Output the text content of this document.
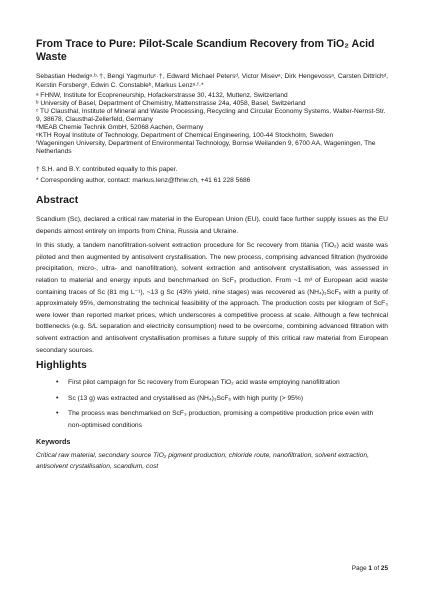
From Trace to Pure: Pilot-Scale Scandium Recovery from TiO₂ Acid Waste
Sebastian Hedwigᵃ·ᵇ·†, Bengi Yagmurluᶜ·†, Edward Michael Petersᵈ, Victor Misevᵃ, Dirk Hengevossᵃ, Carsten Dittrichᵈ, Kerstin Forsbergᵉ, Edwin C. Constableᵇ, Markus Lenzᵃ·ᶠ·*
ᵃ FHNW, Institute for Ecopreneurship, Hofackerstrasse 30, 4132, Muttenz, Switzerland
ᵇ University of Basel, Department of Chemistry, Mattenstrasse 24a, 4058, Basel, Switzerland
ᶜ TU Clausthal, Institute of Mineral and Waste Processing, Recycling and Circular Economy Systems, Walter-Nernst-Str. 9, 38678, Clausthal-Zellerfeld, Germany
ᵈMEAB Chemie Technik GmbH, 52068 Aachen, Germany
ᵉKTH Royal Institute of Technology, Department of Chemical Engineering, 100-44 Stockholm, Sweden
ᶠWageningen University, Department of Environmental Technology, Bornse Weilanden 9, 6700 AA, Wageningen, The Netherlands
† S.H. and B.Y. contributed equally to this paper.
* Corresponding author, contact: markus.lenz@fhnw.ch, +41 61 228 5686
Abstract

Scandium (Sc), declared a critical raw material in the European Union (EU), could face further supply issues as the EU depends almost entirely on imports from China, Russia and Ukraine.

In this study, a tandem nanofiltration-solvent extraction procedure for Sc recovery from titania (TiO₂) acid waste was piloted and then augmented by antisolvent crystallisation. The new process, comprising advanced filtration (hydroxide precipitation, micro-, ultra- and nanofiltration), solvent extraction and antisolvent crystallisation, was assessed in relation to material and energy inputs and benchmarked on ScF₃ production. From ~1 m³ of European acid waste containing traces of Sc (81 mg L⁻¹), ~13 g Sc (43% yield, nine stages) was recovered as (NH₄)₃ScF₆ with a purity of approximately 95%, demonstrating the technical feasibility of the approach. The production costs per kilogram of ScF₃ were lower than reported market prices, which underscores a competitive process at scale. Although a few technical bottlenecks (e.g. S/L separation and electricity consumption) need to be overcome, combining advanced filtration with solvent extraction and antisolvent crystallisation promises a future supply of this critical raw material from European secondary sources.

Highlights
• First pilot campaign for Sc recovery from European TiO₂ acid waste employing nanofiltration
• Sc (13 g) was extracted and crystallised as (NH₄)₃ScF₆ with high purity (> 95%)
• The process was benchmarked on ScF₃ production, promising a competitive production price even with non-optimised conditions
Keywords

Critical raw material, secondary source TiO₂ pigment production, chloride route, nanofiltration, solvent extraction, antisolvent crystallisation, scandium, cost

Page 1 of 25
